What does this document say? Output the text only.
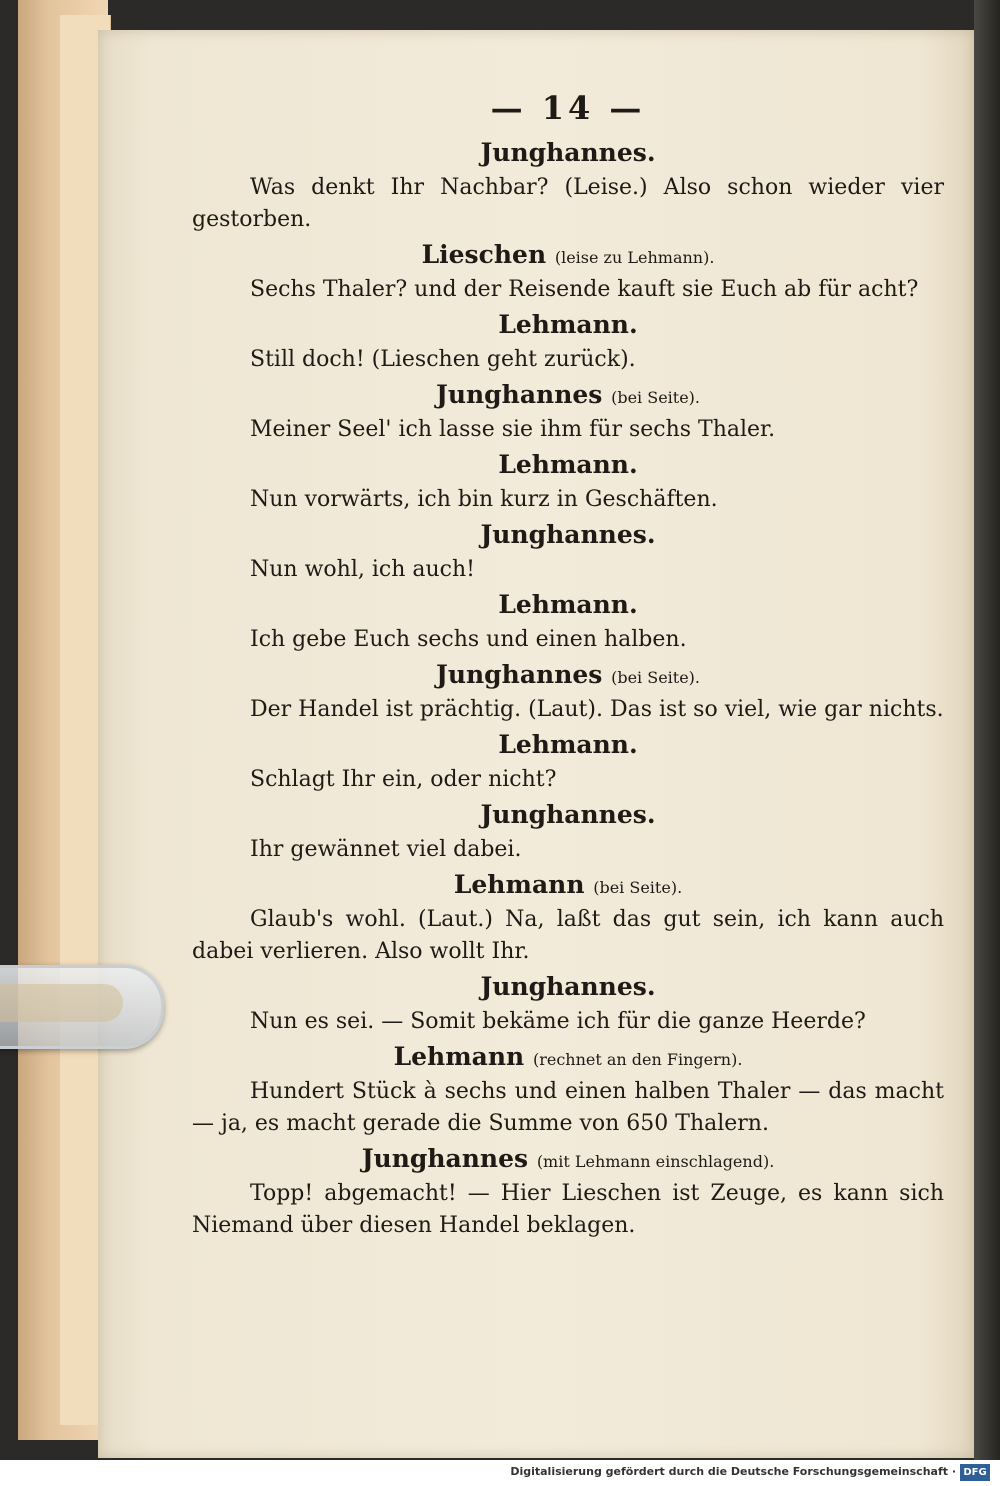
— 14 —
Junghannes.
Was denkt Ihr Nachbar? (Leise.) Also schon wieder vier gestorben.
Lieschen (leise zu Lehmann).
Sechs Thaler? und der Reisende kauft sie Euch ab für acht?
Lehmann.
Still doch! (Lieschen geht zurück).
Junghannes (bei Seite).
Meiner Seel' ich lasse sie ihm für sechs Thaler.
Lehmann.
Nun vorwärts, ich bin kurz in Geschäften.
Junghannes.
Nun wohl, ich auch!
Lehmann.
Ich gebe Euch sechs und einen halben.
Junghannes (bei Seite).
Der Handel ist prächtig. (Laut). Das ist so viel, wie gar nichts.
Lehmann.
Schlagt Ihr ein, oder nicht?
Junghannes.
Ihr gewännet viel dabei.
Lehmann (bei Seite).
Glaub's wohl. (Laut.) Na, laßt das gut sein, ich kann auch dabei verlieren. Also wollt Ihr.
Junghannes.
Nun es sei. — Somit bekäme ich für die ganze Heerde?
Lehmann (rechnet an den Fingern).
Hundert Stück à sechs und einen halben Thaler — das macht — ja, es macht gerade die Summe von 650 Thalern.
Junghannes (mit Lehmann einschlagend).
Topp! abgemacht! — Hier Lieschen ist Zeuge, es kann sich Niemand über diesen Handel beklagen.
Digitalisierung gefördert durch die Deutsche Forschungsgemeinschaft · DFG
